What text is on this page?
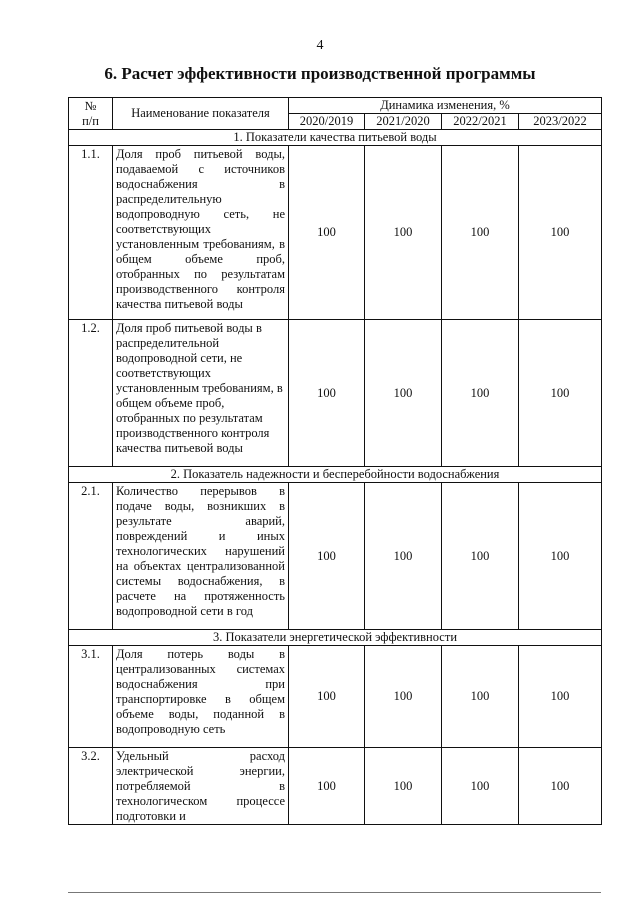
4
6. Расчет эффективности производственной программы
№
п/п	Наименование показателя	Динамика изменения, %			
		2020/2019	2021/2020	2022/2021	2023/2022
1. Показатели качества питьевой воды					
1.1.	Доля проб питьевой воды, подаваемой с источников водоснабжения в распределительную водопроводную сеть, не соответствующих установленным требованиям, в общем объеме проб, отобранных по результатам производственного контроля качества питьевой воды	100	100	100	100
1.2.	Доля проб питьевой воды в распределительной водопроводной сети, не соответствующих установленным требованиям, в общем объеме проб, отобранных по результатам производственного контроля качества питьевой воды	100	100	100	100
2. Показатель надежности и бесперебойности водоснабжения					
2.1.	Количество перерывов в подаче воды, возникших в результате аварий, повреждений и иных технологических нарушений на объектах централизованной системы водоснабжения, в расчете на протяженность водопроводной сети в год	100	100	100	100
3. Показатели энергетической эффективности					
3.1.	Доля потерь воды в централизованных системах водоснабжения при транспортировке в общем объеме воды, поданной в водопроводную сеть	100	100	100	100
3.2.	Удельный расход электрической энергии, потребляемой в технологическом процессе подготовки и	100	100	100	100
